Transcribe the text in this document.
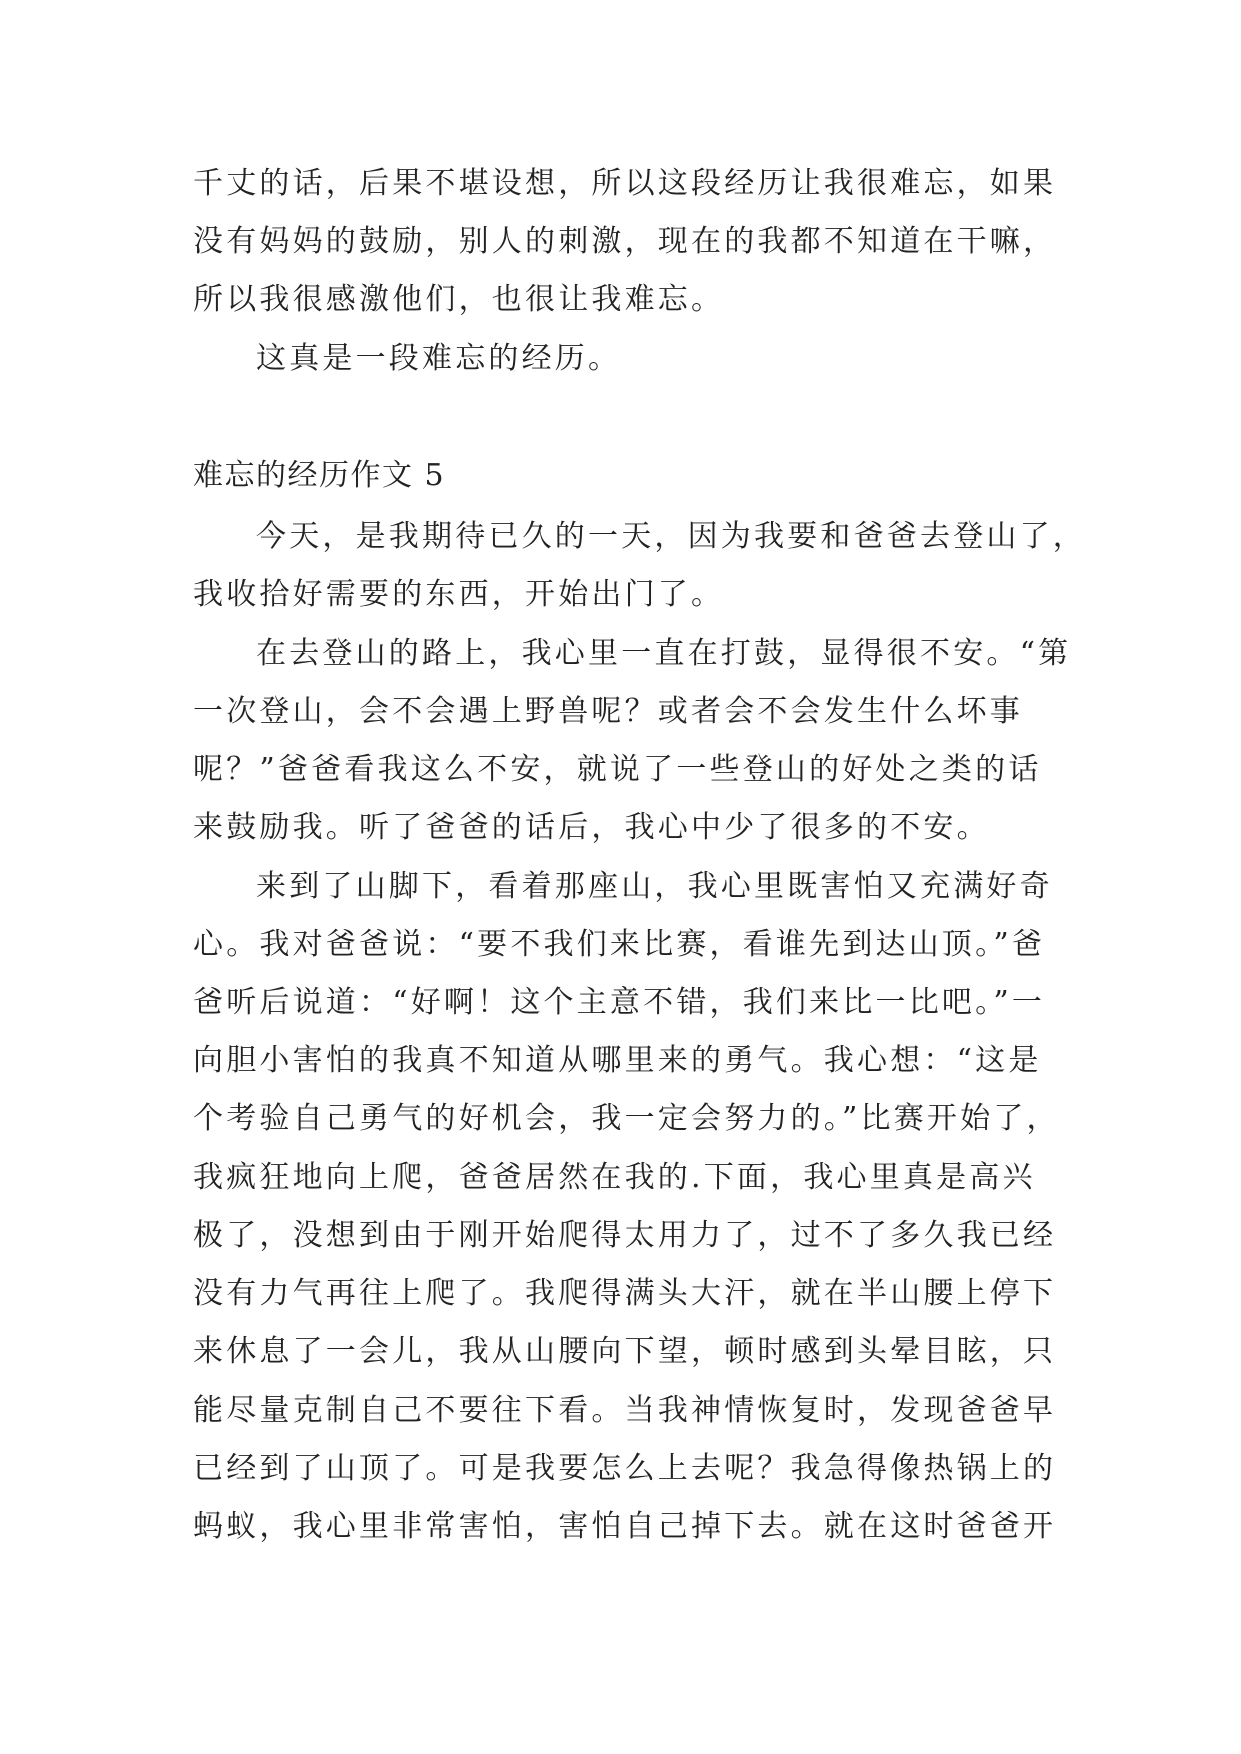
千丈的话，后果不堪设想，所以这段经历让我很难忘，如果
没有妈妈的鼓励，别人的刺激，现在的我都不知道在干嘛，
所以我很感激他们，也很让我难忘。
这真是一段难忘的经历。
难忘的经历作文 5
今天，是我期待已久的一天，因为我要和爸爸去登山了，
我收拾好需要的东西，开始出门了。
在去登山的路上，我心里一直在打鼓，显得很不安。“第
一次登山，会不会遇上野兽呢？或者会不会发生什么坏事
呢？”爸爸看我这么不安，就说了一些登山的好处之类的话
来鼓励我。听了爸爸的话后，我心中少了很多的不安。
来到了山脚下，看着那座山，我心里既害怕又充满好奇
心。我对爸爸说：“要不我们来比赛，看谁先到达山顶。”爸
爸听后说道：“好啊！这个主意不错，我们来比一比吧。”一
向胆小害怕的我真不知道从哪里来的勇气。我心想：“这是
个考验自己勇气的好机会，我一定会努力的。”比赛开始了，
我疯狂地向上爬，爸爸居然在我的.下面，我心里真是高兴
极了，没想到由于刚开始爬得太用力了，过不了多久我已经
没有力气再往上爬了。我爬得满头大汗，就在半山腰上停下
来休息了一会儿，我从山腰向下望，顿时感到头晕目眩，只
能尽量克制自己不要往下看。当我神情恢复时，发现爸爸早
已经到了山顶了。可是我要怎么上去呢？我急得像热锅上的
蚂蚁，我心里非常害怕，害怕自己掉下去。就在这时爸爸开
